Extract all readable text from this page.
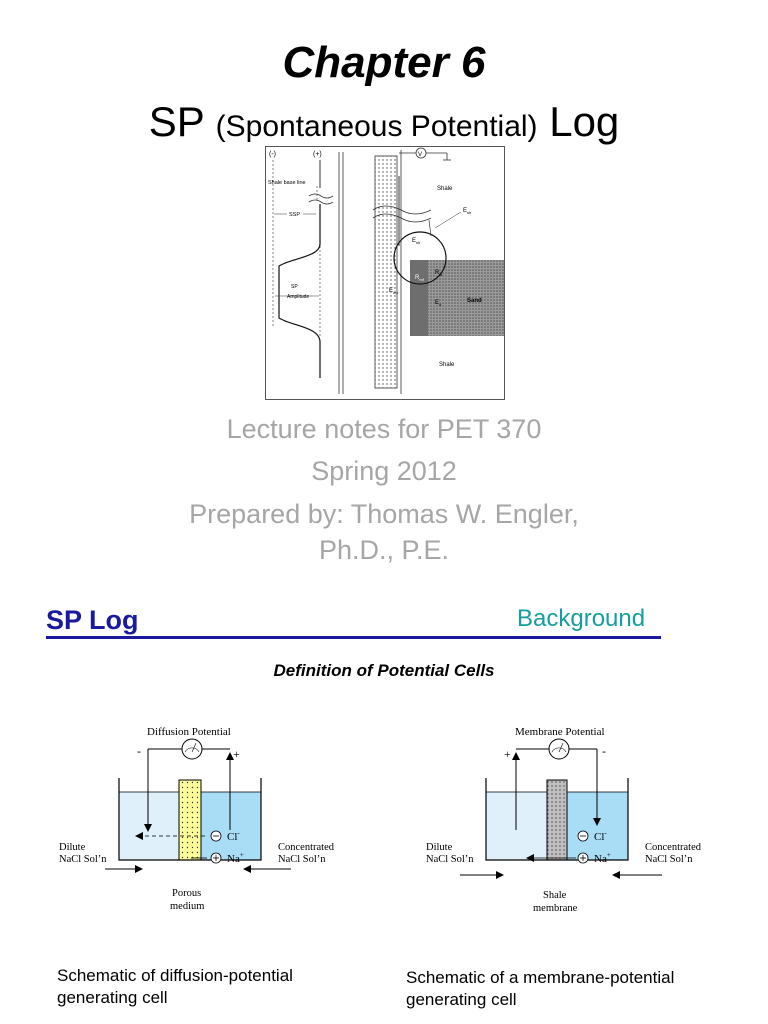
Chapter 6
SP (Spontaneous Potential) Log
(-)	(+)
Shale base line
SSP
SP
Amplitude
V
Shale
Sand
$E_{sh}$
$E_{sh}$
$R_{mf}$
$R_w$
$E_{mc}$
$E_d$
Shale
Lecture notes for PET 370
Spring 2012
Prepared by: Thomas W. Engler,
Ph.D., P.E.
SP Log	Background
Definition of Potential Cells
Diffusion Potential
-	+
Cl-
Na+
Dilute
NaCl Sol’n
Concentrated
NaCl Sol’n
Porous
medium
Membrane Potential
+	-
Cl-
Na+
Dilute
NaCl Sol’n
Concentrated
NaCl Sol’n
Shale
membrane
Schematic of diffusion-potential generating cell
Schematic of a membrane-potential generating cell
